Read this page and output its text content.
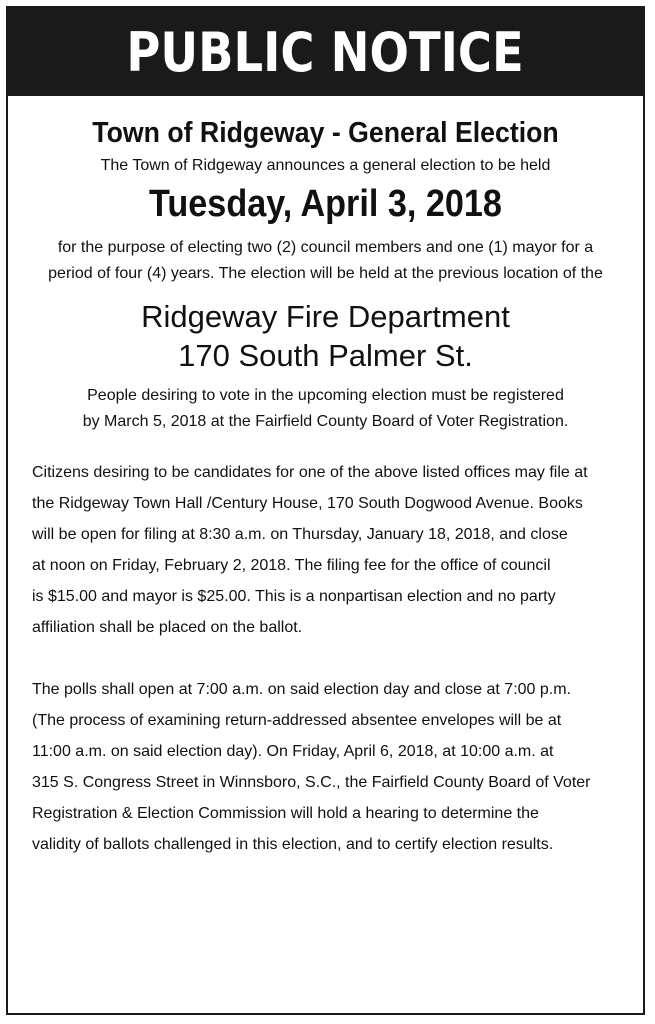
PUBLIC NOTICE
Town of Ridgeway - General Election
The Town of Ridgeway announces a general election to be held
Tuesday, April 3, 2018
for the purpose of electing two (2) council members and one (1) mayor for a
period of four (4) years. The election will be held at the previous location of the
Ridgeway Fire Department
170 South Palmer St.
People desiring to vote in the upcoming election must be registered
by March 5, 2018 at the Fairfield County Board of Voter Registration.
Citizens desiring to be candidates for one of the above listed offices may file at
the Ridgeway Town Hall /Century House, 170 South Dogwood Avenue. Books
will be open for filing at 8:30 a.m. on Thursday, January 18, 2018, and close
at noon on Friday, February 2, 2018. The filing fee for the office of council
is $15.00 and mayor is $25.00. This is a nonpartisan election and no party
affiliation shall be placed on the ballot.
The polls shall open at 7:00 a.m. on said election day and close at 7:00 p.m.
(The process of examining return-addressed absentee envelopes will be at
11:00 a.m. on said election day). On Friday, April 6, 2018, at 10:00 a.m. at
315 S. Congress Street in Winnsboro, S.C., the Fairfield County Board of Voter
Registration & Election Commission will hold a hearing to determine the
validity of ballots challenged in this election, and to certify election results.
